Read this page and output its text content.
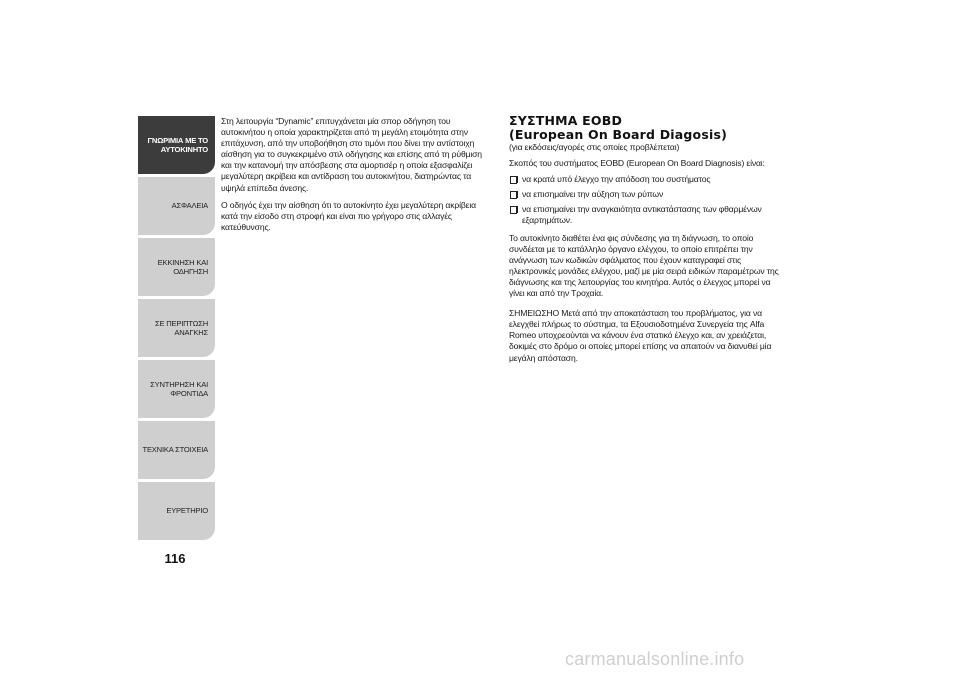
ΓΝΩΡΙΜΙΑ ΜΕ ΤΟ
ΑΥΤΟΚΙΝΗΤΟ
ΑΣΦΑΛΕΙΑ
ΕΚΚΙΝΗΣΗ ΚΑΙ
ΟΔΗΓΗΣΗ
ΣΕ ΠΕΡΙΠΤΩΣΗ
ΑΝΑΓΚΗΣ
ΣΥΝΤΗΡΗΣΗ ΚΑΙ
ΦΡΟΝΤΙΔΑ
ΤΕΧΝΙΚΑ ΣΤΟΙΧΕΙΑ
ΕΥΡΕΤΗΡΙΟ
116

Στη λειτουργία “Dynamic” επιτυγχάνεται μία σπορ οδήγηση του αυτοκινήτου η οποία χαρακτηρίζεται από τη μεγάλη ετοιμότητα στην επιτάχυνση, από την υποβοήθηση στο τιμόνι που δίνει την αντίστοιχη αίσθηση για το συγκεκριμένο στιλ οδήγησης και επίσης από τη ρύθμιση και την κατανομή την απόσβεσης στα αμορτισέρ η οποία εξασφαλίζει μεγαλύτερη ακρίβεια και αντίδραση του αυτοκινήτου, διατηρώντας τα υψηλά επίπεδα άνεσης.

Ο οδηγός έχει την αίσθηση ότι το αυτοκίνητο έχει μεγαλύτερη ακρίβεια κατά την είσοδο στη στροφή και είναι πιο γρήγορο στις αλλαγές κατεύθυνσης.

ΣΥΣΤΗΜΑ EOBD
(European On Board Diagosis)

(για εκδόσεις/αγορές στις οποίες προβλέπεται)

Σκοπός του συστήματος EOBD (European On Board Diagnosis) είναι:

να κρατά υπό έλεγχο την απόδοση του συστήματος
να επισημαίνει την αύξηση των ρύπων
να επισημαίνει την αναγκαιότητα αντικατάστασης των φθαρμένων εξαρτημάτων.

Το αυτοκίνητο διαθέτει ένα φις σύνδεσης για τη διάγνωση, το οποίο συνδέεται με το κατάλληλο όργανο ελέγχου, το οποίο επιτρέπει την ανάγνωση των κωδικών σφάλματος που έχουν καταγραφεί στις ηλεκτρονικές μονάδες ελέγχου, μαζί με μία σειρά ειδικών παραμέτρων της διάγνωσης και της λειτουργίας του κινητήρα. Αυτός ο έλεγχος μπορεί να γίνει και από την Τροχαία.

ΣΗΜΕΙΩΣΗΟ Μετά από την αποκατάσταση του προβλήματος, για να ελεγχθεί πλήρως το σύστημα, τα Εξουσιοδοτημένα Συνεργεία της Alfa Romeo υποχρεούνται να κάνουν ένα στατικό έλεγχο και, αν χρειάζεται, δοκιμές στο δρόμο οι οποίες μπορεί επίσης να απαιτούν να διανυθεί μία μεγάλη απόσταση.

carmanualsonline.info
